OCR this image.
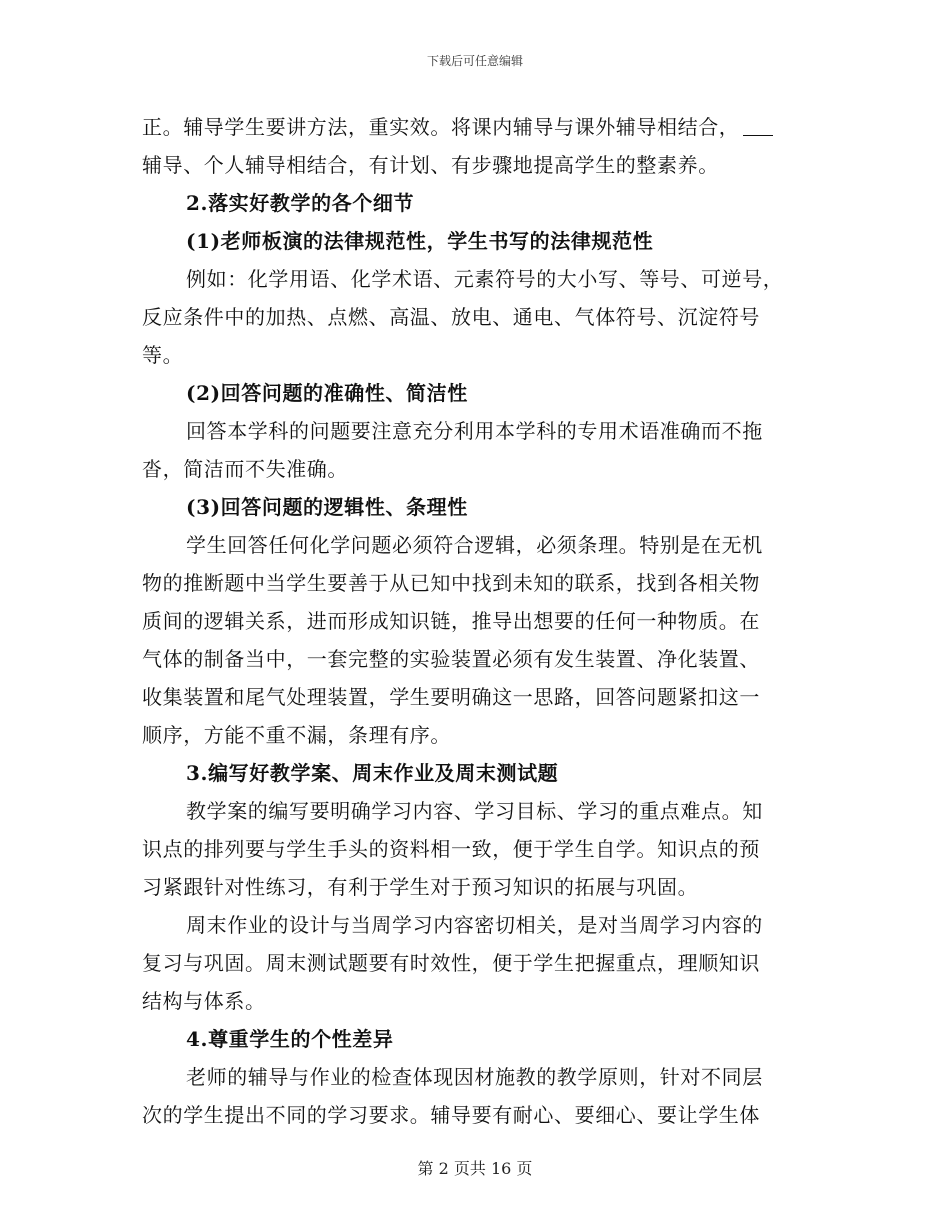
下载后可任意编辑
正。辅导学生要讲方法，重实效。将课内辅导与课外辅导相结合，
辅导、个人辅导相结合，有计划、有步骤地提高学生的整素养。
2.落实好教学的各个细节
(1)老师板演的法律规范性，学生书写的法律规范性
例如：化学用语、化学术语、元素符号的大小写、等号、可逆号，
反应条件中的加热、点燃、高温、放电、通电、气体符号、沉淀符号
等。
(2)回答问题的准确性、简洁性
回答本学科的问题要注意充分利用本学科的专用术语准确而不拖
沓，简洁而不失准确。
(3)回答问题的逻辑性、条理性
学生回答任何化学问题必须符合逻辑，必须条理。特别是在无机
物的推断题中当学生要善于从已知中找到未知的联系，找到各相关物
质间的逻辑关系，进而形成知识链，推导出想要的任何一种物质。在
气体的制备当中，一套完整的实验装置必须有发生装置、净化装置、
收集装置和尾气处理装置，学生要明确这一思路，回答问题紧扣这一
顺序，方能不重不漏，条理有序。
3.编写好教学案、周末作业及周末测试题
教学案的编写要明确学习内容、学习目标、学习的重点难点。知
识点的排列要与学生手头的资料相一致，便于学生自学。知识点的预
习紧跟针对性练习，有利于学生对于预习知识的拓展与巩固。
周末作业的设计与当周学习内容密切相关，是对当周学习内容的
复习与巩固。周末测试题要有时效性，便于学生把握重点，理顺知识
结构与体系。
4.尊重学生的个性差异
老师的辅导与作业的检查体现因材施教的教学原则，针对不同层
次的学生提出不同的学习要求。辅导要有耐心、要细心、要让学生体
第 2 页共 16 页
